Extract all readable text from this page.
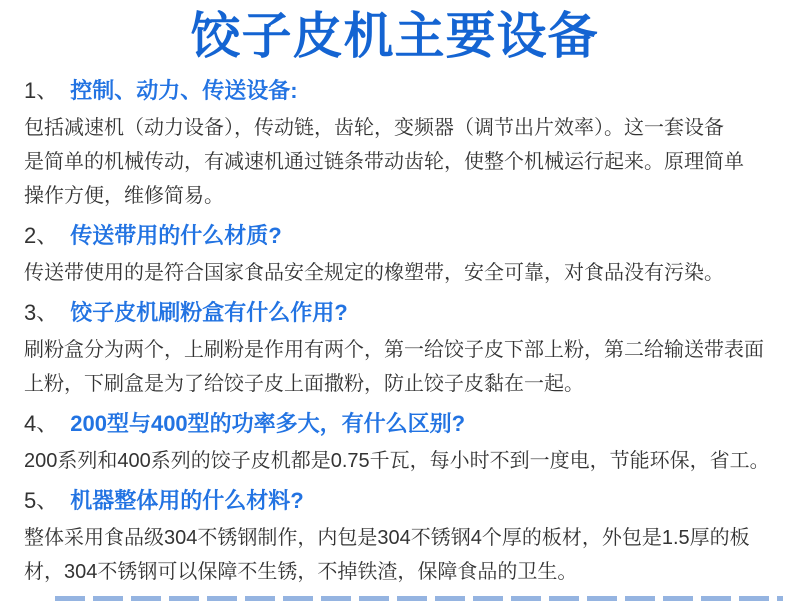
饺子皮机主要设备
1、 控制、动力、传送设备:
包括减速机（动力设备），传动链，齿轮，变频器（调节出片效率）。这一套设备
是简单的机械传动，有减速机通过链条带动齿轮，使整个机械运行起来。原理简单
操作方便，维修简易。
2、 传送带用的什么材质?
传送带使用的是符合国家食品安全规定的橡塑带，安全可靠，对食品没有污染。
3、 饺子皮机刷粉盒有什么作用?
刷粉盒分为两个，上刷粉是作用有两个，第一给饺子皮下部上粉，第二给输送带表面
上粉，下刷盒是为了给饺子皮上面撒粉，防止饺子皮黏在一起。
4、 200型与400型的功率多大，有什么区别?
200系列和400系列的饺子皮机都是0.75千瓦，每小时不到一度电，节能环保，省工。
5、 机器整体用的什么材料?
整体采用食品级304不锈钢制作，内包是304不锈钢4个厚的板材，外包是1.5厚的板
材，304不锈钢可以保障不生锈，不掉铁渣，保障食品的卫生。
